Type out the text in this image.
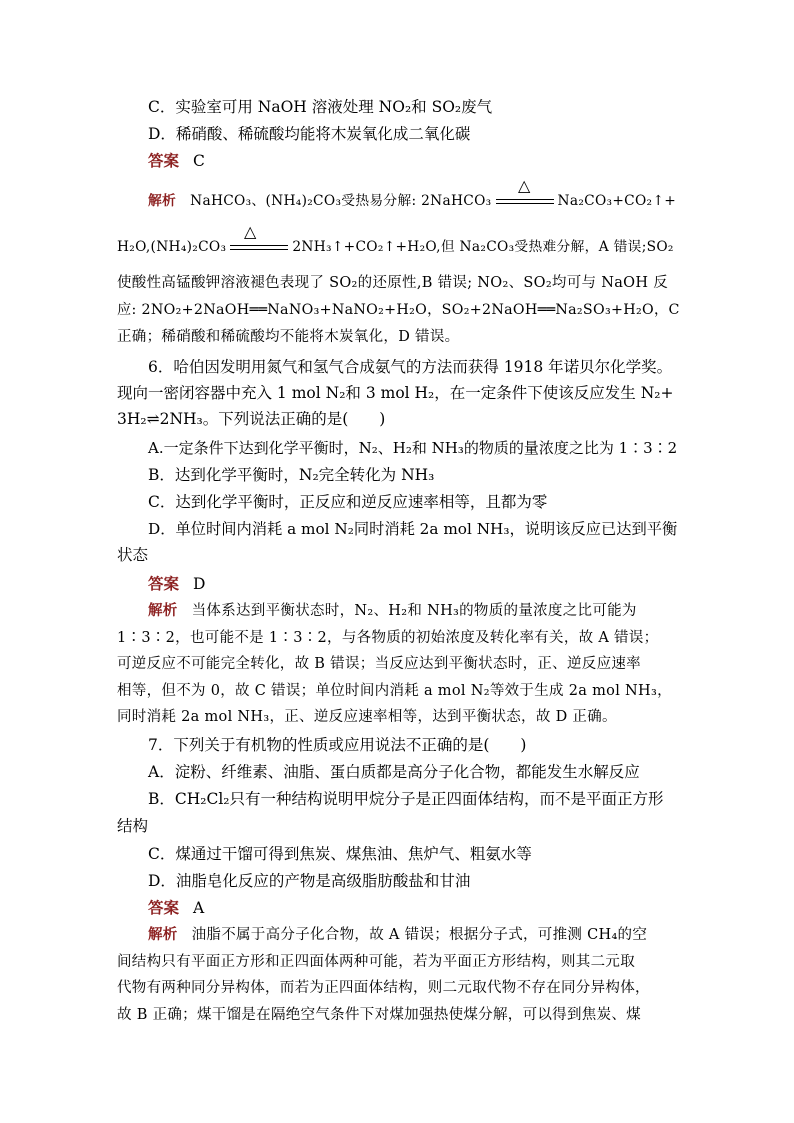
C．实验室可用 NaOH 溶液处理 NO₂和 SO₂废气
D．稀硝酸、稀硫酸均能将木炭氧化成二氧化碳
答案 C
△
解析 NaHCO₃、(NH₄)₂CO₃受热易分解: 2NaHCO₃	Na₂CO₃+CO₂↑+
△
H₂O,(NH₄)₂CO₃	2NH₃↑+CO₂↑+H₂O,但 Na₂CO₃受热难分解，A 错误;SO₂
使酸性高锰酸钾溶液褪色表现了 SO₂的还原性,B 错误; NO₂、SO₂均可与 NaOH 反
应: 2NO₂+2NaOH══NaNO₃+NaNO₂+H₂O，SO₂+2NaOH══Na₂SO₃+H₂O，C
正确；稀硝酸和稀硫酸均不能将木炭氧化，D 错误。
6．哈伯因发明用氮气和氢气合成氨气的方法而获得 1918 年诺贝尔化学奖。
现向一密闭容器中充入 1 mol N₂和 3 mol H₂，在一定条件下使该反应发生 N₂+
3H₂⇌2NH₃。下列说法正确的是(　　)
A.一定条件下达到化学平衡时，N₂、H₂和 NH₃的物质的量浓度之比为 1∶3∶2
B．达到化学平衡时，N₂完全转化为 NH₃
C．达到化学平衡时，正反应和逆反应速率相等，且都为零
D．单位时间内消耗 a mol N₂同时消耗 2a mol NH₃，说明该反应已达到平衡
状态
答案 D
解析 当体系达到平衡状态时，N₂、H₂和 NH₃的物质的量浓度之比可能为
1∶3∶2，也可能不是 1∶3∶2，与各物质的初始浓度及转化率有关，故 A 错误；
可逆反应不可能完全转化，故 B 错误；当反应达到平衡状态时，正、逆反应速率
相等，但不为 0，故 C 错误；单位时间内消耗 a mol N₂等效于生成 2a mol NH₃，
同时消耗 2a mol NH₃，正、逆反应速率相等，达到平衡状态，故 D 正确。
7．下列关于有机物的性质或应用说法不正确的是(　　)
A．淀粉、纤维素、油脂、蛋白质都是高分子化合物，都能发生水解反应
B．CH₂Cl₂只有一种结构说明甲烷分子是正四面体结构，而不是平面正方形
结构
C．煤通过干馏可得到焦炭、煤焦油、焦炉气、粗氨水等
D．油脂皂化反应的产物是高级脂肪酸盐和甘油
答案 A
解析 油脂不属于高分子化合物，故 A 错误；根据分子式，可推测 CH₄的空
间结构只有平面正方形和正四面体两种可能，若为平面正方形结构，则其二元取
代物有两种同分异构体，而若为正四面体结构，则二元取代物不存在同分异构体，
故 B 正确；煤干馏是在隔绝空气条件下对煤加强热使煤分解，可以得到焦炭、煤
